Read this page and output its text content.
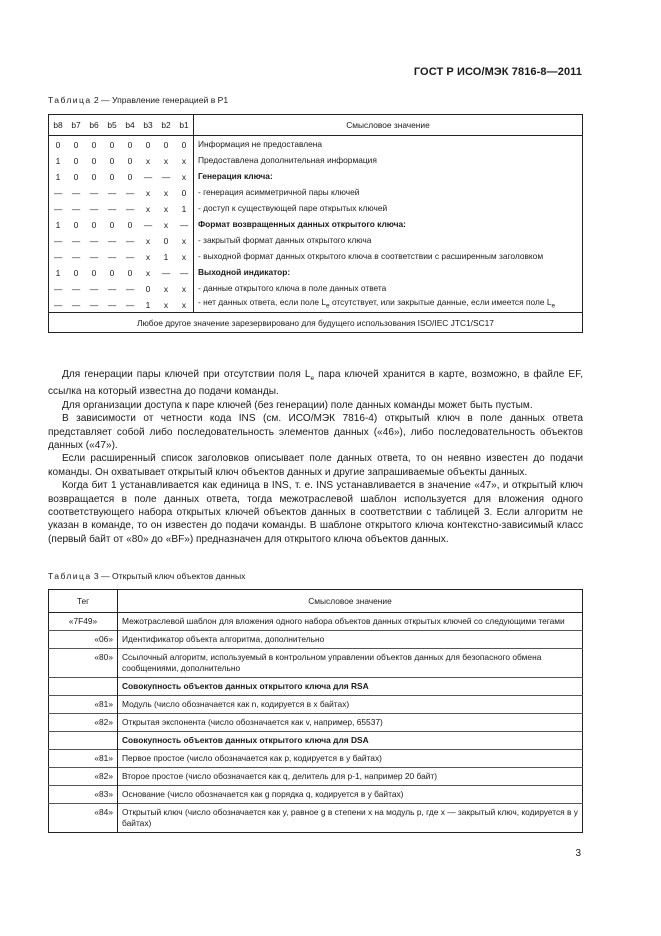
ГОСТ Р ИСО/МЭК 7816-8—2011
Таблица 2 — Управление генерацией в P1
b8	b7	b6	b5	b4	b3	b2	b1	Смысловое значение
0	0	0	0	0	0	0	0	Информация не предоставлена
1	0	0	0	0	x	x	x	Предоставлена дополнительная информация
1	0	0	0	0	—	—	x	Генерация ключа:
—	—	—	—	—	x	x	0	- генерация асимметричной пары ключей
—	—	—	—	—	x	x	1	- доступ к существующей паре открытых ключей
1	0	0	0	0	—	x	—	Формат возвращенных данных открытого ключа:
—	—	—	—	—	x	0	x	- закрытый формат данных открытого ключа
—	—	—	—	—	x	1	x	- выходной формат данных открытого ключа в соответствии с расширенным заголовком
1	0	0	0	0	x	—	—	Выходной индикатор:
—	—	—	—	—	0	x	x	- данные открытого ключа в поле данных ответа
—	—	—	—	—	1	x	x	- нет данных ответа, если поле $L_e$ отсутствует, или закрытые данные, если имеется поле $L_e$
Любое другое значение зарезервировано для будущего использования ISO/IEC JTC1/SC17								

Для генерации пары ключей при отсутствии поля $L_e$ пара ключей хранится в карте, возможно, в файле EF, ссылка на который известна до подачи команды.

Для организации доступа к паре ключей (без генерации) поле данных команды может быть пустым.

В зависимости от четности кода INS (см. ИСО/МЭК 7816-4) открытый ключ в поле данных ответа представляет собой либо последовательность элементов данных («46»), либо последовательность объектов данных («47»).

Если расширенный список заголовков описывает поле данных ответа, то он неявно известен до подачи команды. Он охватывает открытый ключ объектов данных и другие запрашиваемые объекты данных.

Когда бит 1 устанавливается как единица в INS, т. е. INS устанавливается в значение «47», и открытый ключ возвращается в поле данных ответа, тогда межотраслевой шаблон используется для вложения одного соответствующего набора открытых ключей объектов данных в соответствии с таблицей 3. Если алгоритм не указан в команде, то он известен до подачи команды. В шаблоне открытого ключа контекстно-зависимый класс (первый байт от «80» до «BF») предназначен для открытого ключа объектов данных.

Таблица 3 — Открытый ключ объектов данных
Тег	Смысловое значение
«7F49»	Межотраслевой шаблон для вложения одного набора объектов данных открытых ключей со следующими тегами
«06»	Идентификатор объекта алгоритма, дополнительно
«80»	Ссылочный алгоритм, используемый в контрольном управлении объектов данных для безопасного обмена сообщениями, дополнительно
	Совокупность объектов данных открытого ключа для RSA
«81»	Модуль (число обозначается как n, кодируется в x байтах)
«82»	Открытая экспонента (число обозначается как v, например, 65537)
	Совокупность объектов данных открытого ключа для DSA
«81»	Первое простое (число обозначается как p, кодируется в y байтах)
«82»	Второе простое (число обозначается как q, делитель для p-1, например 20 байт)
«83»	Основание (число обозначается как g порядка q, кодируется в y байтах)
«84»	Открытый ключ (число обозначается как y, равное g в степени x на модуль p, где x — закрытый ключ, кодируется в y байтах)
3
